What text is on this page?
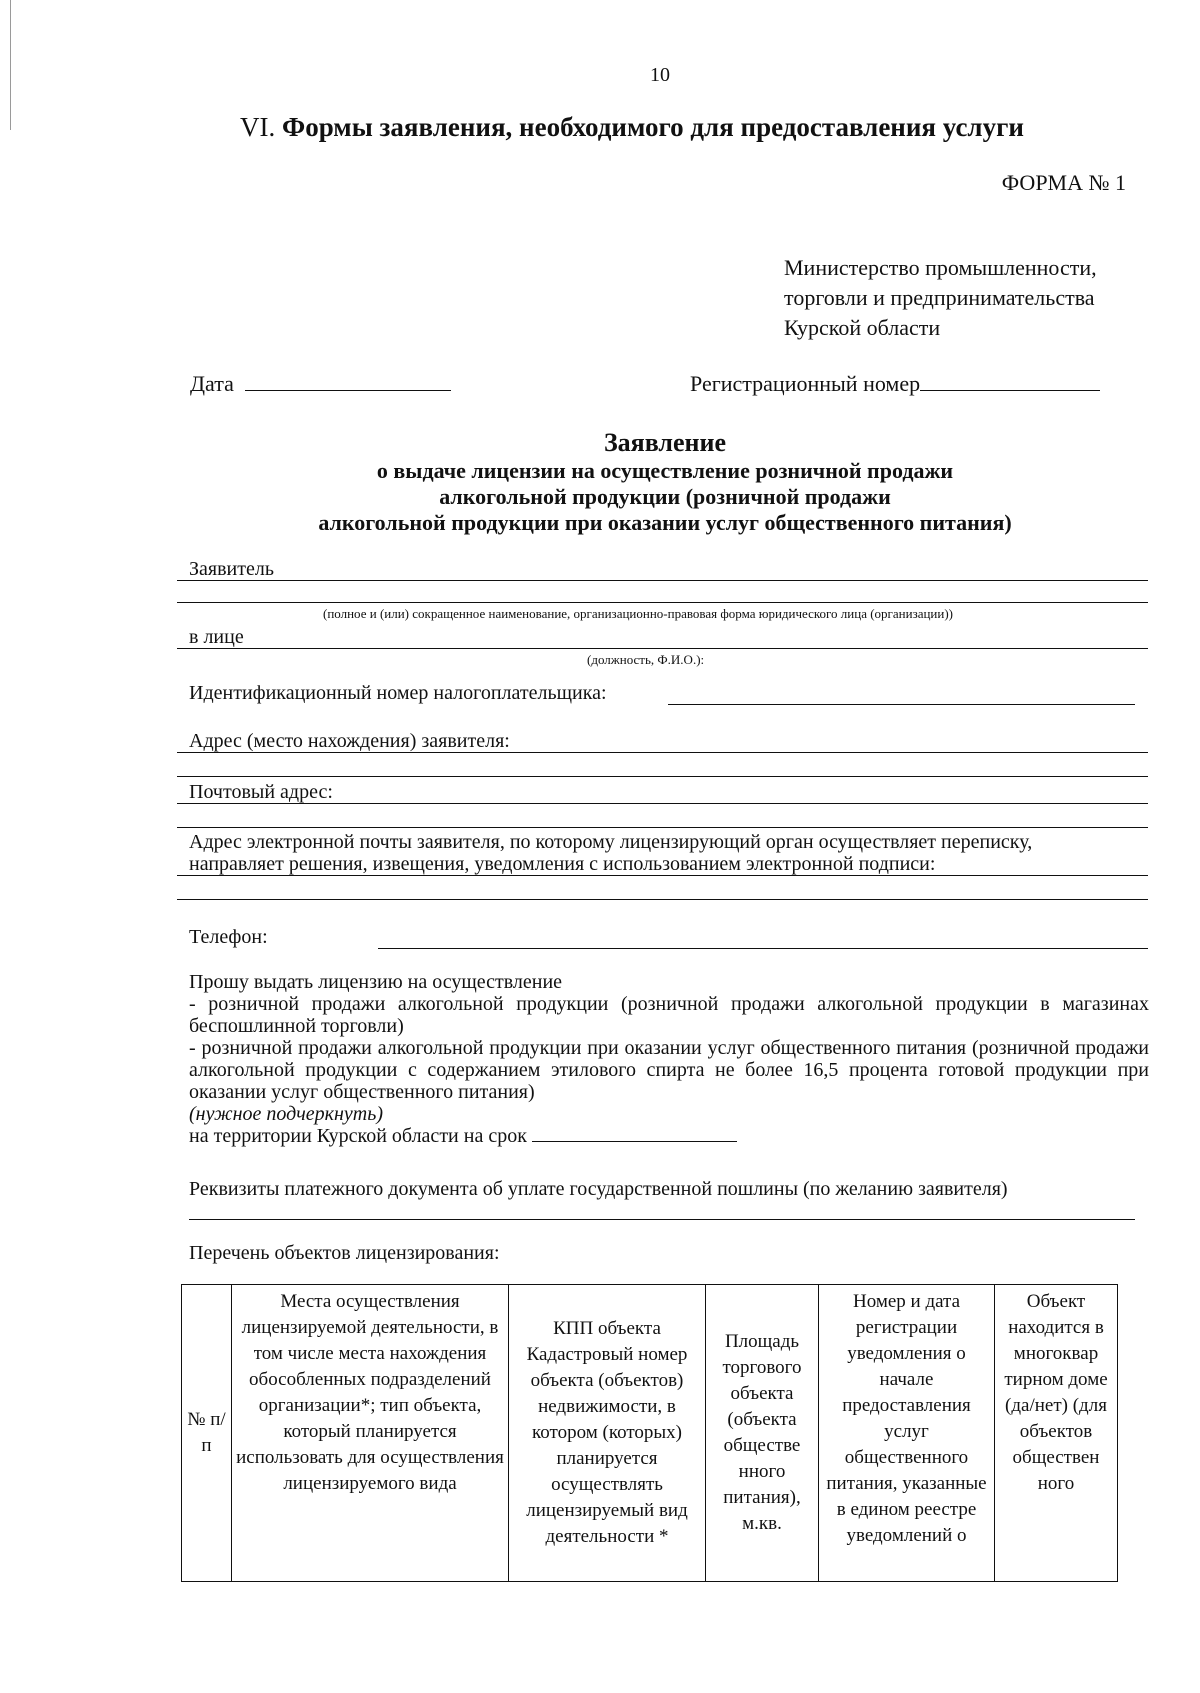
10
VI. Формы заявления, необходимого для предоставления услуги
ФОРМА № 1
Министерство промышленности,
торговли и предпринимательства
Курской области
Дата	Регистрационный номер
Заявление
о выдаче лицензии на осуществление розничной продажи
алкогольной продукции (розничной продажи
алкогольной продукции при оказании услуг общественного питания)
Заявитель
(полное и (или) сокращенное наименование, организационно-правовая форма юридического лица (организации))
в лице
(должность, Ф.И.О.):
Идентификационный номер налогоплательщика:
Адрес (место нахождения) заявителя:
Почтовый адрес:
Адрес электронной почты заявителя, по которому лицензирующий орган осуществляет переписку,
направляет решения, извещения, уведомления с использованием электронной подписи:
Телефон:

Прошу выдать лицензию на осуществление

- розничной продажи алкогольной продукции (розничной продажи алкогольной продукции в магазинах беспошлинной торговли)

- розничной продажи алкогольной продукции при оказании услуг общественного питания (розничной продажи алкогольной продукции с содержанием этилового спирта не более 16,5 процента готовой продукции при оказании услуг общественного питания)

(нужное подчеркнуть)

на территории Курской области на срок

Реквизиты платежного документа об уплате государственной пошлины (по желанию заявителя)
Перечень объектов лицензирования:
№ п/п	Места осуществления лицензируемой деятельности, в том числе места нахождения обособленных подразделений организации*; тип объекта, который планируется использовать для осуществления лицензируемого вида	КПП объекта Кадастровый номер объекта (объектов) недвижимости, в котором (которых) планируется осуществлять лицензируемый вид деятельности *	Площадь торгового объекта (объекта обществе нного питания), м.кв.	Номер и дата регистрации уведомления о начале предоставления услуг общественного питания, указанные в едином реестре уведомлений о	Объект находится в многоквар тирном доме (да/нет) (для объектов обществен ного
